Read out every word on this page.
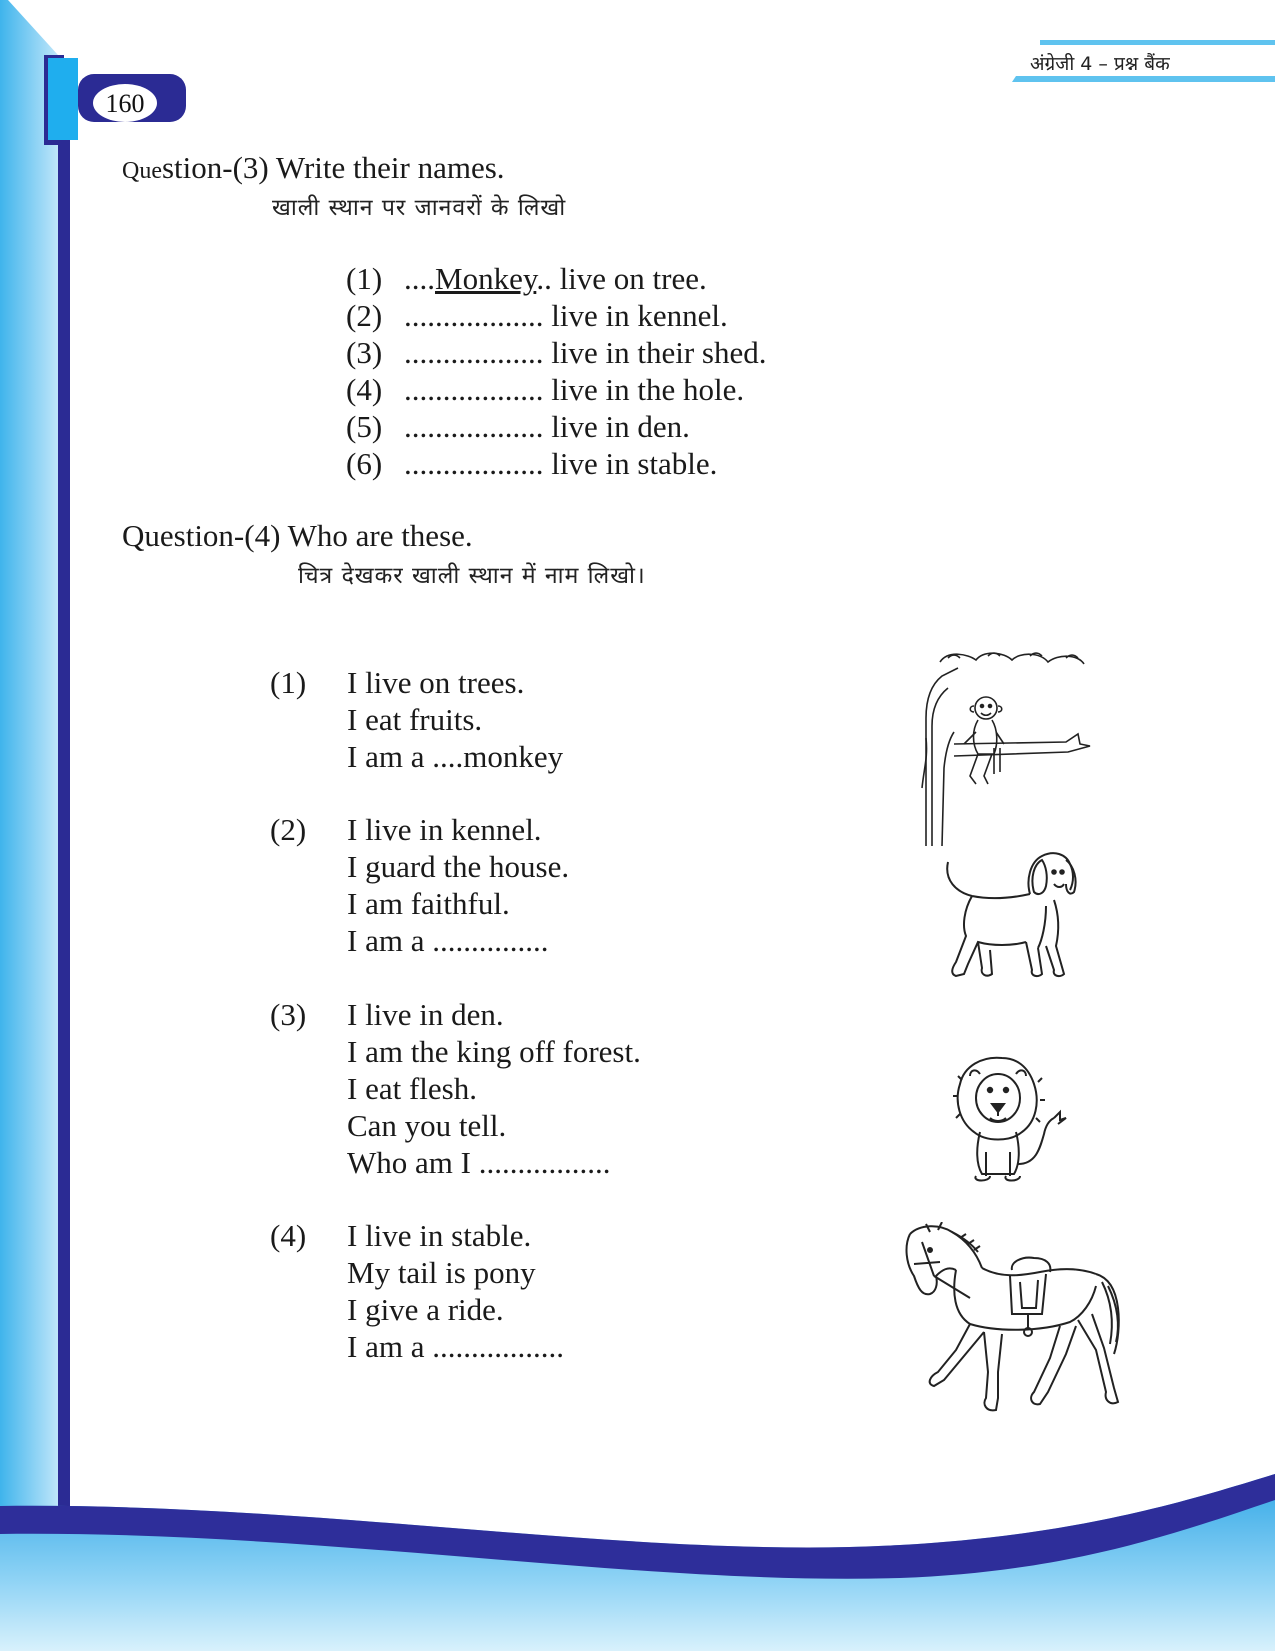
अंग्रेजी 4 – प्रश्न बैंक
160
Question-(3) Write their names.
खाली स्थान पर जानवरों के लिखो
(1) ....Monkey.. live on tree.
(2) .................. live in kennel.
(3) .................. live in their shed.
(4) .................. live in the hole.
(5) .................. live in den.
(6) .................. live in stable.
Question-(4) Who are these.
चित्र देखकर खाली स्थान में नाम लिखो।
(1) I live on trees.
I eat fruits.
I am a ....monkey
(2) I live in kennel.
I guard the house.
I am faithful.
I am a ...............
(3) I live in den.
I am the king off forest.
I eat flesh.
Can you tell.
Who am I .................
(4) I live in stable.
My tail is pony
I give a ride.
I am a .................
